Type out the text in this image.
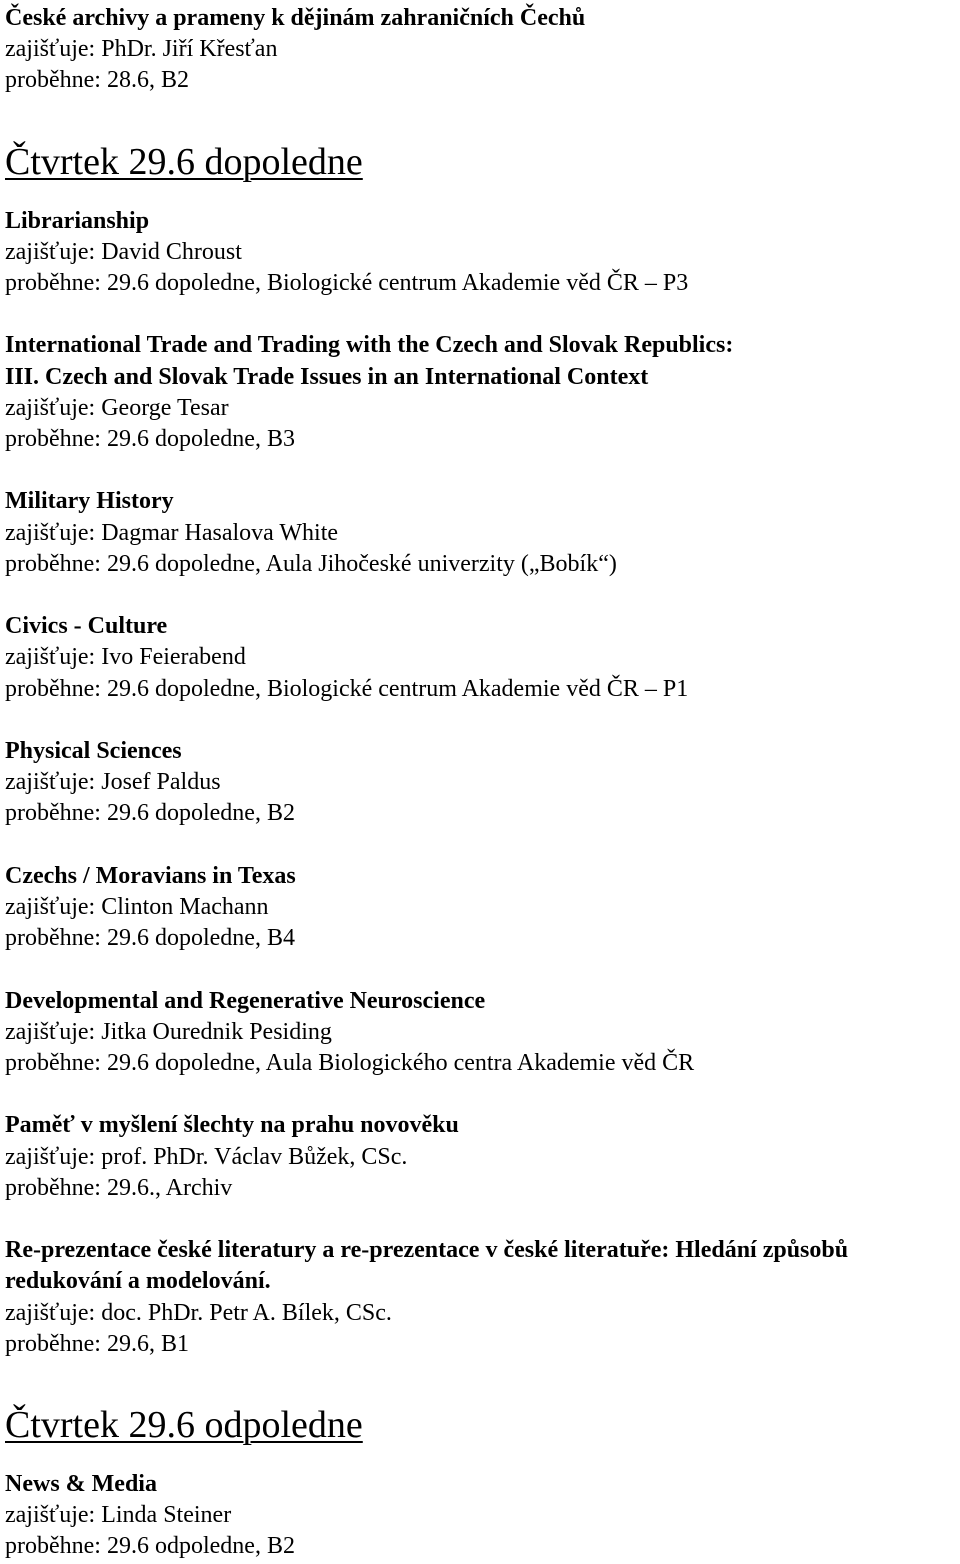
České archivy a prameny k dějinám zahraničních Čechů

zajišťuje: PhDr. Jiří Křesťan

proběhne: 28.6, B2

Čtvrtek 29.6 dopoledne

Librarianship

zajišťuje: David Chroust

proběhne: 29.6 dopoledne, Biologické centrum Akademie věd ČR – P3

International Trade and Trading with the Czech and Slovak Republics:

III. Czech and Slovak Trade Issues in an International Context

zajišťuje: George Tesar

proběhne: 29.6 dopoledne, B3

Military History

zajišťuje: Dagmar Hasalova White

proběhne: 29.6 dopoledne, Aula Jihočeské univerzity („Bobík“)

Civics - Culture

zajišťuje: Ivo Feierabend

proběhne: 29.6 dopoledne, Biologické centrum Akademie věd ČR – P1

Physical Sciences

zajišťuje: Josef Paldus

proběhne: 29.6 dopoledne, B2

Czechs / Moravians in Texas

zajišťuje: Clinton Machann

proběhne: 29.6 dopoledne, B4

Developmental and Regenerative Neuroscience

zajišťuje: Jitka Ourednik Pesiding

proběhne: 29.6 dopoledne, Aula Biologického centra Akademie věd ČR

Paměť v myšlení šlechty na prahu novověku

zajišťuje: prof. PhDr. Václav Bůžek, CSc.

proběhne: 29.6., Archiv

Re-prezentace české literatury a re-prezentace v české literatuře: Hledání způsobů

redukování a modelování.

zajišťuje: doc. PhDr. Petr A. Bílek, CSc.

proběhne: 29.6, B1

Čtvrtek 29.6 odpoledne

News & Media

zajišťuje: Linda Steiner

proběhne: 29.6 odpoledne, B2
